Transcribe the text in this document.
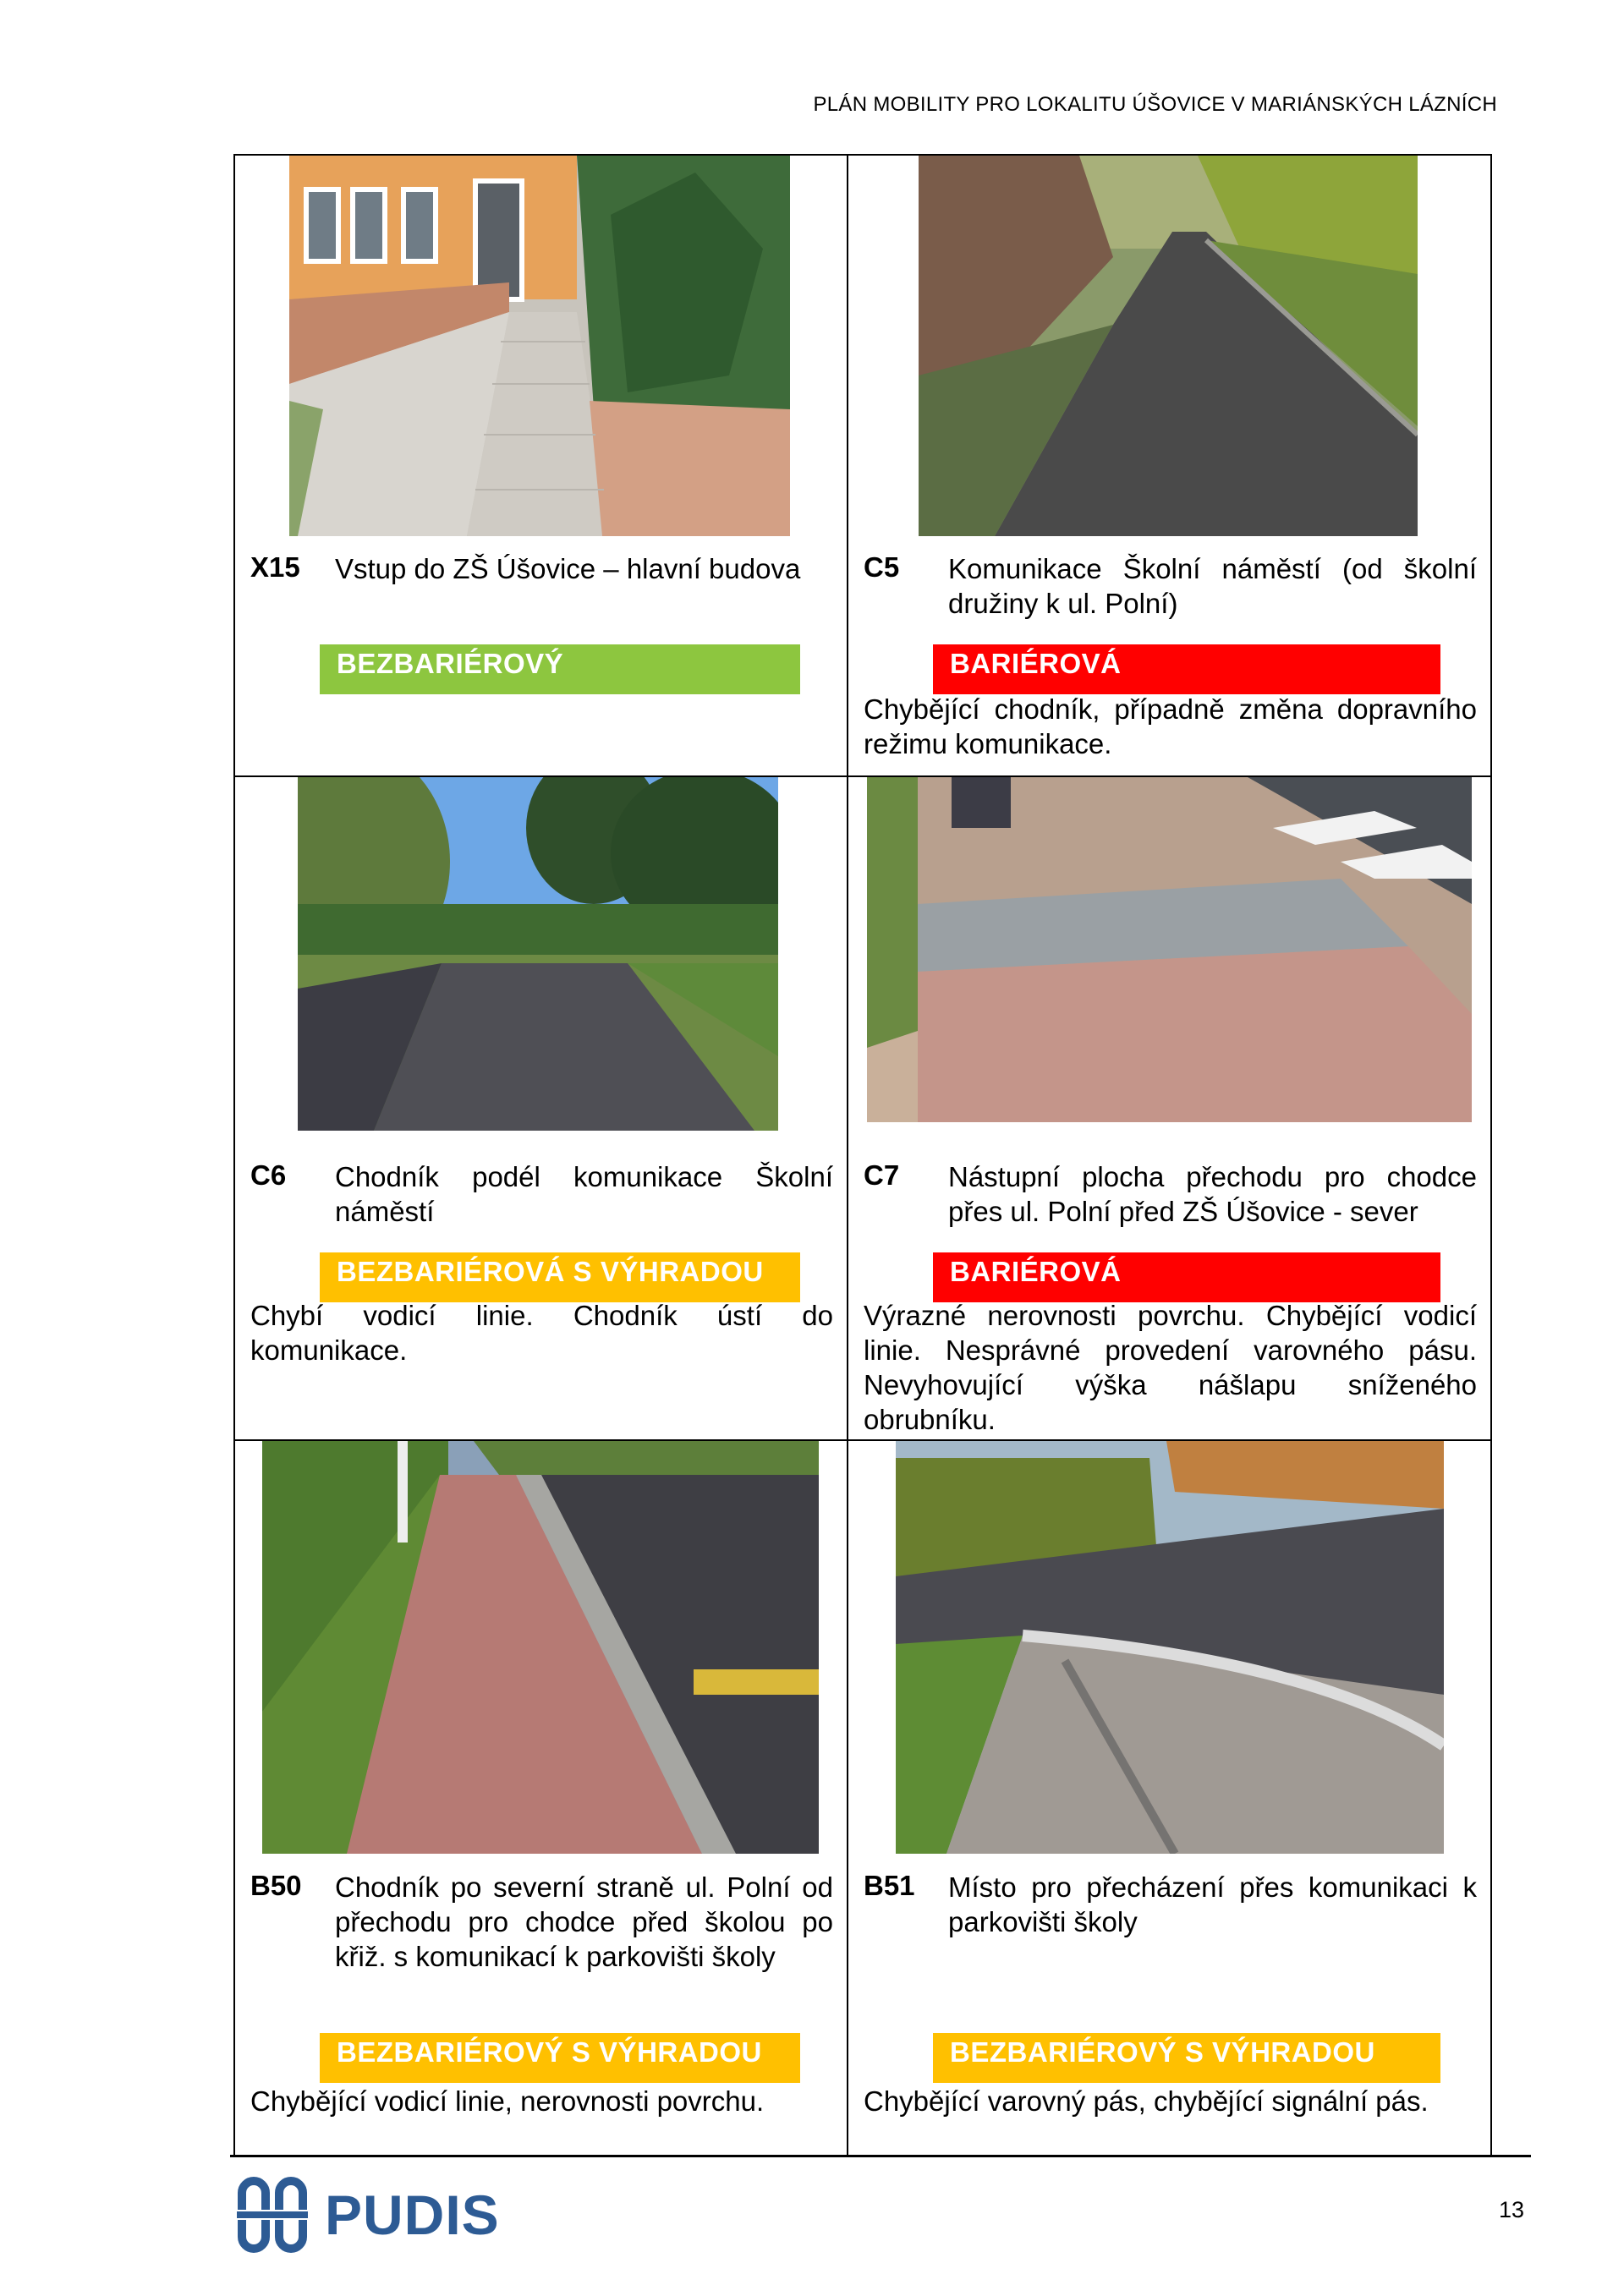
PLÁN MOBILITY PRO LOKALITU ÚŠOVICE V MARIÁNSKÝCH LÁZNÍCH
X15 Vstup do ZŠ Úšovice – hlavní budova
BEZBARIÉROVÝ
C5 Komunikace Školní náměstí (od školní družiny k ul. Polní)
BARIÉROVÁ
Chybějící chodník, případně změna dopravního režimu komunikace.
C6 Chodník podél komunikace Školní náměstí
BEZBARIÉROVÁ S VÝHRADOU
Chybí vodicí linie. Chodník ústí do komunikace.
C7 Nástupní plocha přechodu pro chodce přes ul. Polní před ZŠ Úšovice - sever
BARIÉROVÁ
Výrazné nerovnosti povrchu. Chybějící vodicí linie. Nesprávné provedení varovného pásu. Nevyhovující výška nášlapu sníženého obrubníku.
B50 Chodník po severní straně ul. Polní od přechodu pro chodce před školou po křiž. s komunikací k parkovišti školy
BEZBARIÉROVÝ S VÝHRADOU
Chybějící vodicí linie, nerovnosti povrchu.
B51 Místo pro přecházení přes komunikaci k parkovišti školy
BEZBARIÉROVÝ S VÝHRADOU
Chybějící varovný pás, chybějící signální pás.
PUDIS	13
